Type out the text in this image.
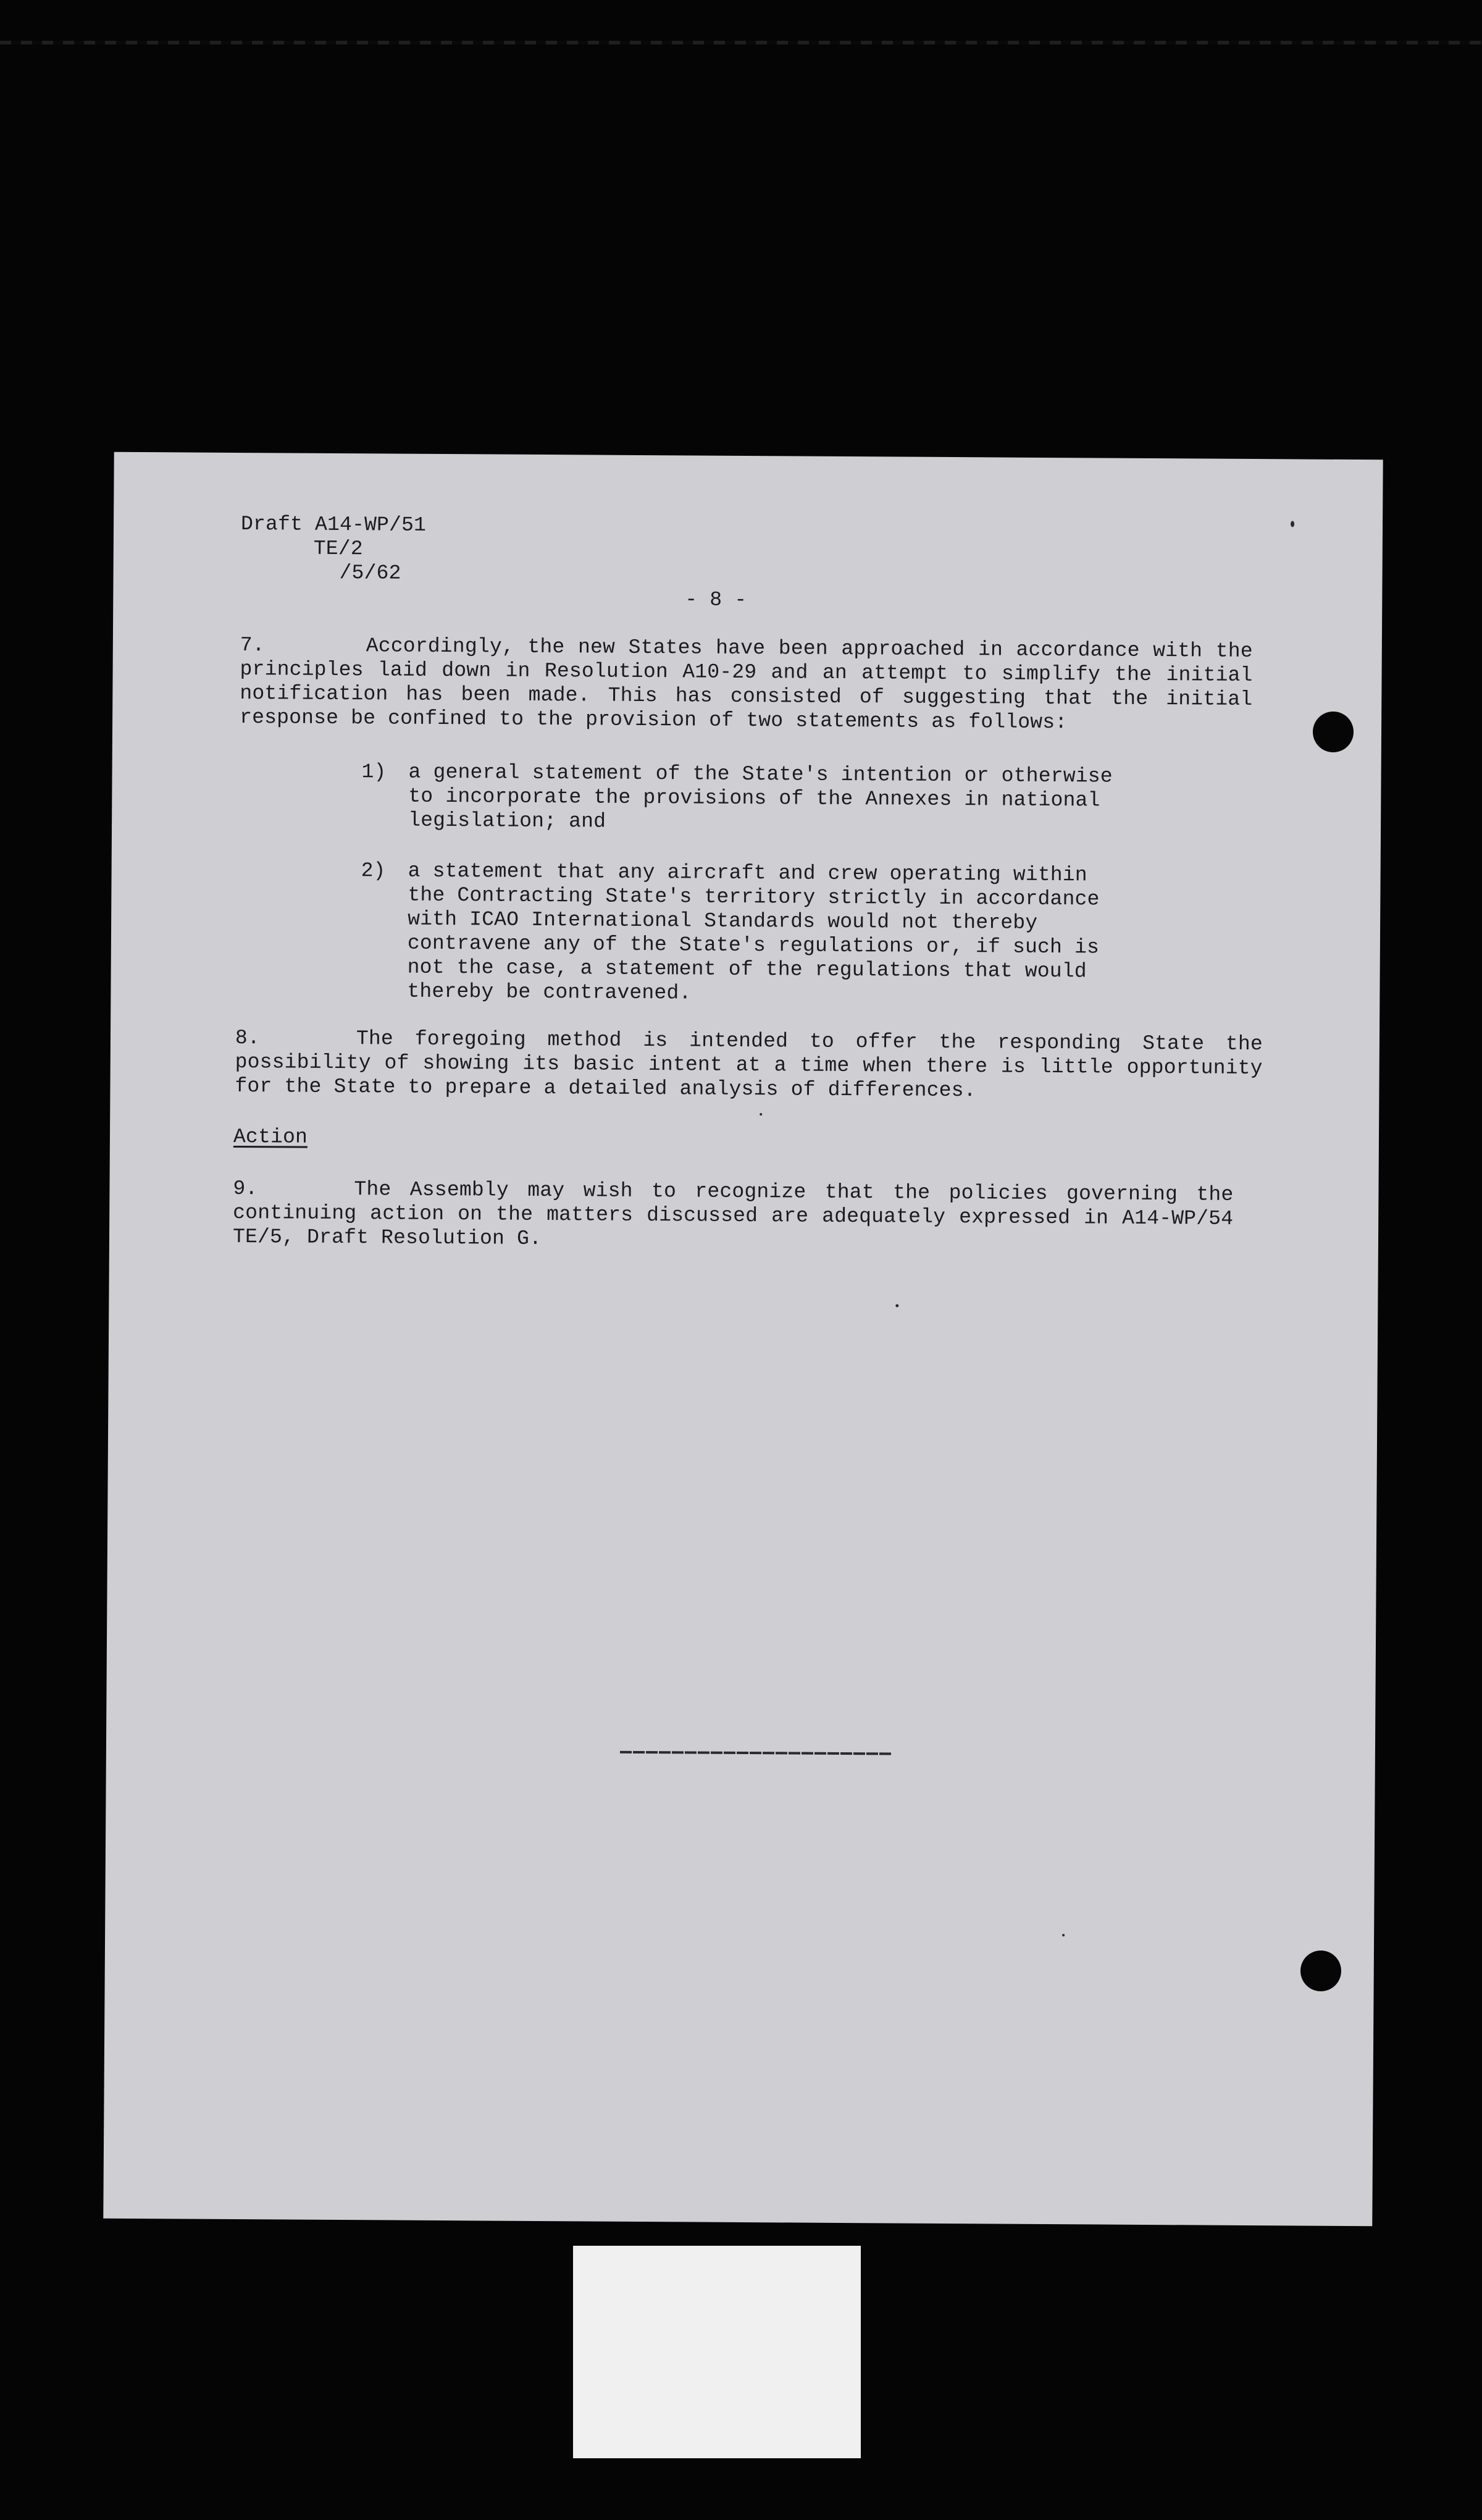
Draft A14-WP/51
TE/2
/5/62
- 8 -
7.	Accordingly, the new States have been approached in accordance with the principles laid down in Resolution A10-29 and an attempt to simplify the initial notification has been made. This has consisted of suggesting that the initial response be confined to the provision of two statements as follows:
1) a general statement of the State's intention or otherwise to incorporate the provisions of the Annexes in national legislation; and
2) a statement that any aircraft and crew operating within the Contracting State's territory strictly in accordance with ICAO International Standards would not thereby contravene any of the State's regulations or, if such is not the case, a statement of the regulations that would thereby be contravened.
8.	The foregoing method is intended to offer the responding State the possibility of showing its basic intent at a time when there is little opportunity for the State to prepare a detailed analysis of differences.
Action
9.	The Assembly may wish to recognize that the policies governing the continuing action on the matters discussed are adequately expressed in A14-WP/54 TE/5, Draft Resolution G.
